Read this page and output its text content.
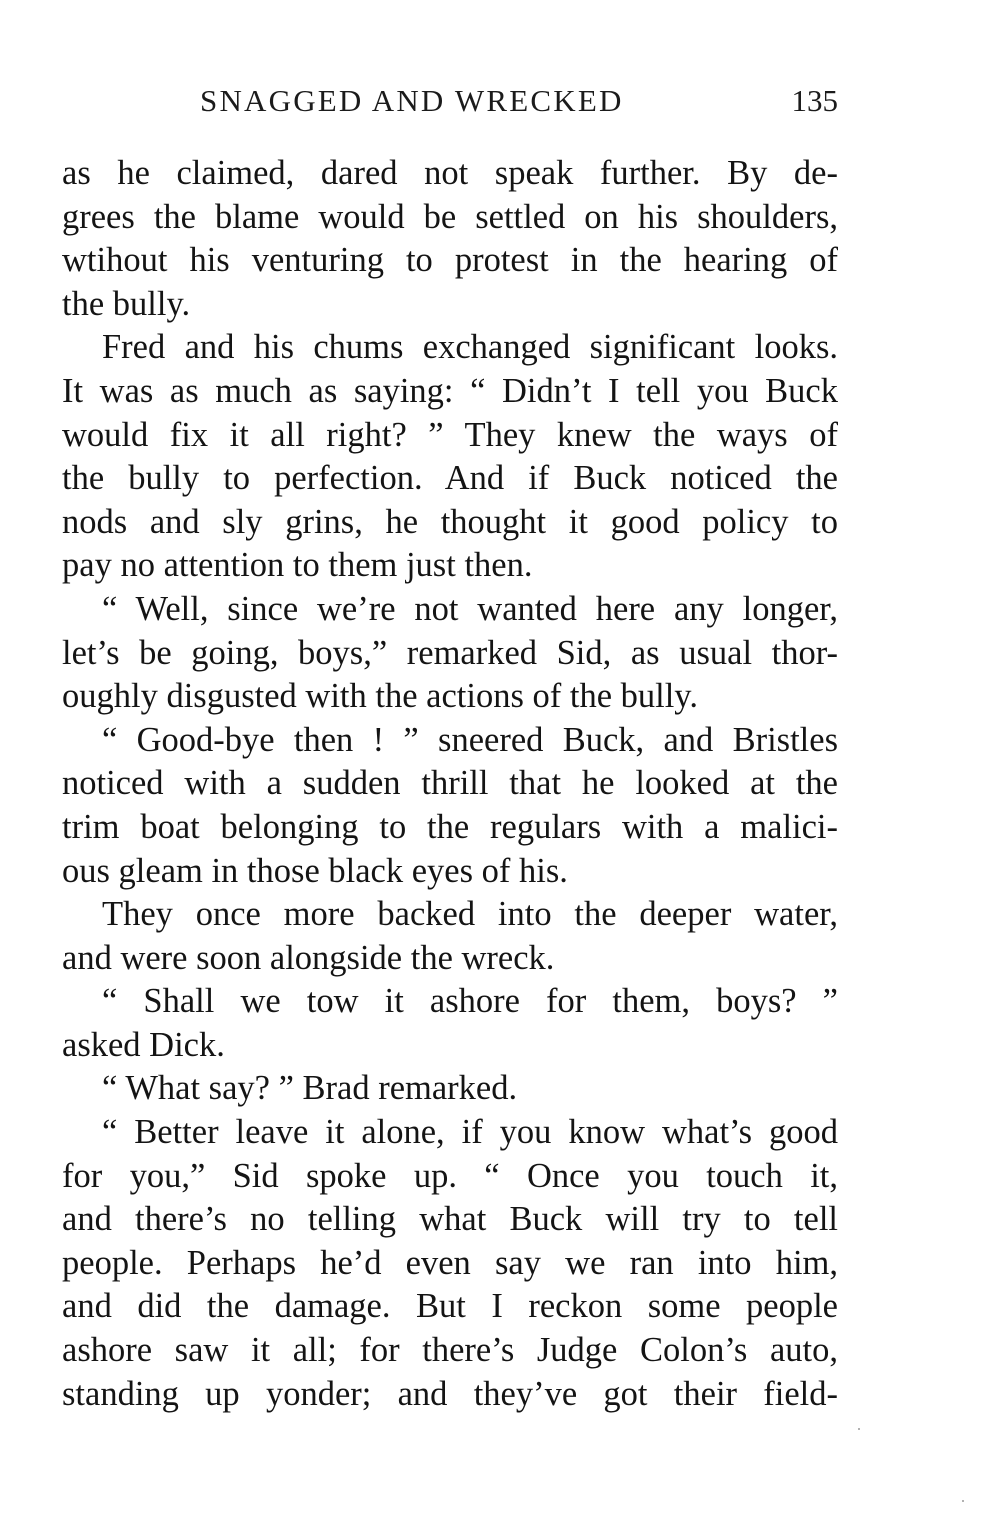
SNAGGED AND WRECKED	135
as he claimed, dared not speak further. By de-
grees the blame would be settled on his shoulders,
wtihout his venturing to protest in the hearing of
the bully.
Fred and his chums exchanged significant looks.
It was as much as saying: “ Didn’t I tell you Buck
would fix it all right? ” They knew the ways of
the bully to perfection. And if Buck noticed the
nods and sly grins, he thought it good policy to
pay no attention to them just then.
“ Well, since we’re not wanted here any longer,
let’s be going, boys,” remarked Sid, as usual thor-
oughly disgusted with the actions of the bully.
“ Good-bye then ! ” sneered Buck, and Bristles
noticed with a sudden thrill that he looked at the
trim boat belonging to the regulars with a malici-
ous gleam in those black eyes of his.
They once more backed into the deeper water,
and were soon alongside the wreck.
“ Shall we tow it ashore for them, boys? ”
asked Dick.
“ What say? ” Brad remarked.
“ Better leave it alone, if you know what’s good
for you,” Sid spoke up. “ Once you touch it,
and there’s no telling what Buck will try to tell
people. Perhaps he’d even say we ran into him,
and did the damage. But I reckon some people
ashore saw it all; for there’s Judge Colon’s auto,
standing up yonder; and they’ve got their field-
